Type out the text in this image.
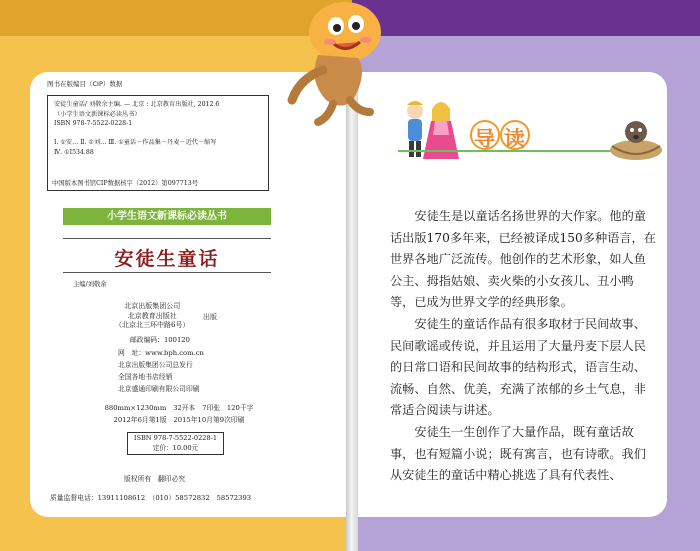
图书在版编目（CIP）数据
安徒生童话/ 刘敬余主编. — 北京 : 北京教育出版社, 2012.6
（小学生语文新课标必读丛书）
ISBN 978-7-5522-0228-1
Ⅰ. ①安… Ⅱ. ①刘… Ⅲ. ①童话－作品集－丹麦－近代－缩写
Ⅳ. ①I534.88
中国版本图书馆CIP数据核字（2012）第097713号
小学生语文新课标必读丛书
安徒生童话
主编/刘敬余
北京出版集团公司
北京教育出版社
（北京北三环中路6号）
出版
邮政编码：100120
网　址：www.bph.com.cn
北京出版集团公司总发行
全国各地书店经销
北京盛通印刷有限公司印刷
880mm×1230mm　32开本　7印张　120千字
2012年6月第1版　2015年10月第9次印刷
ISBN 978-7-5522-0228-1
定价：10.00元
版权所有　翻印必究
质量监督电话：13911108612　（010）58572832　58572393
导 读

安徒生是以童话名扬世界的大作家。他的童话出版170多年来，已经被译成150多种语言，在世界各地广泛流传。他创作的艺术形象，如人鱼公主、拇指姑娘、卖火柴的小女孩儿、丑小鸭等，已成为世界文学的经典形象。

安徒生的童话作品有很多取材于民间故事、民间歌谣或传说，并且运用了大量丹麦下层人民的日常口语和民间故事的结构形式，语言生动、流畅、自然、优美，充满了浓郁的乡土气息，非常适合阅读与讲述。

安徒生一生创作了大量作品，既有童话故事，也有短篇小说；既有寓言，也有诗歌。我们从安徒生的童话中精心挑选了具有代表性、
